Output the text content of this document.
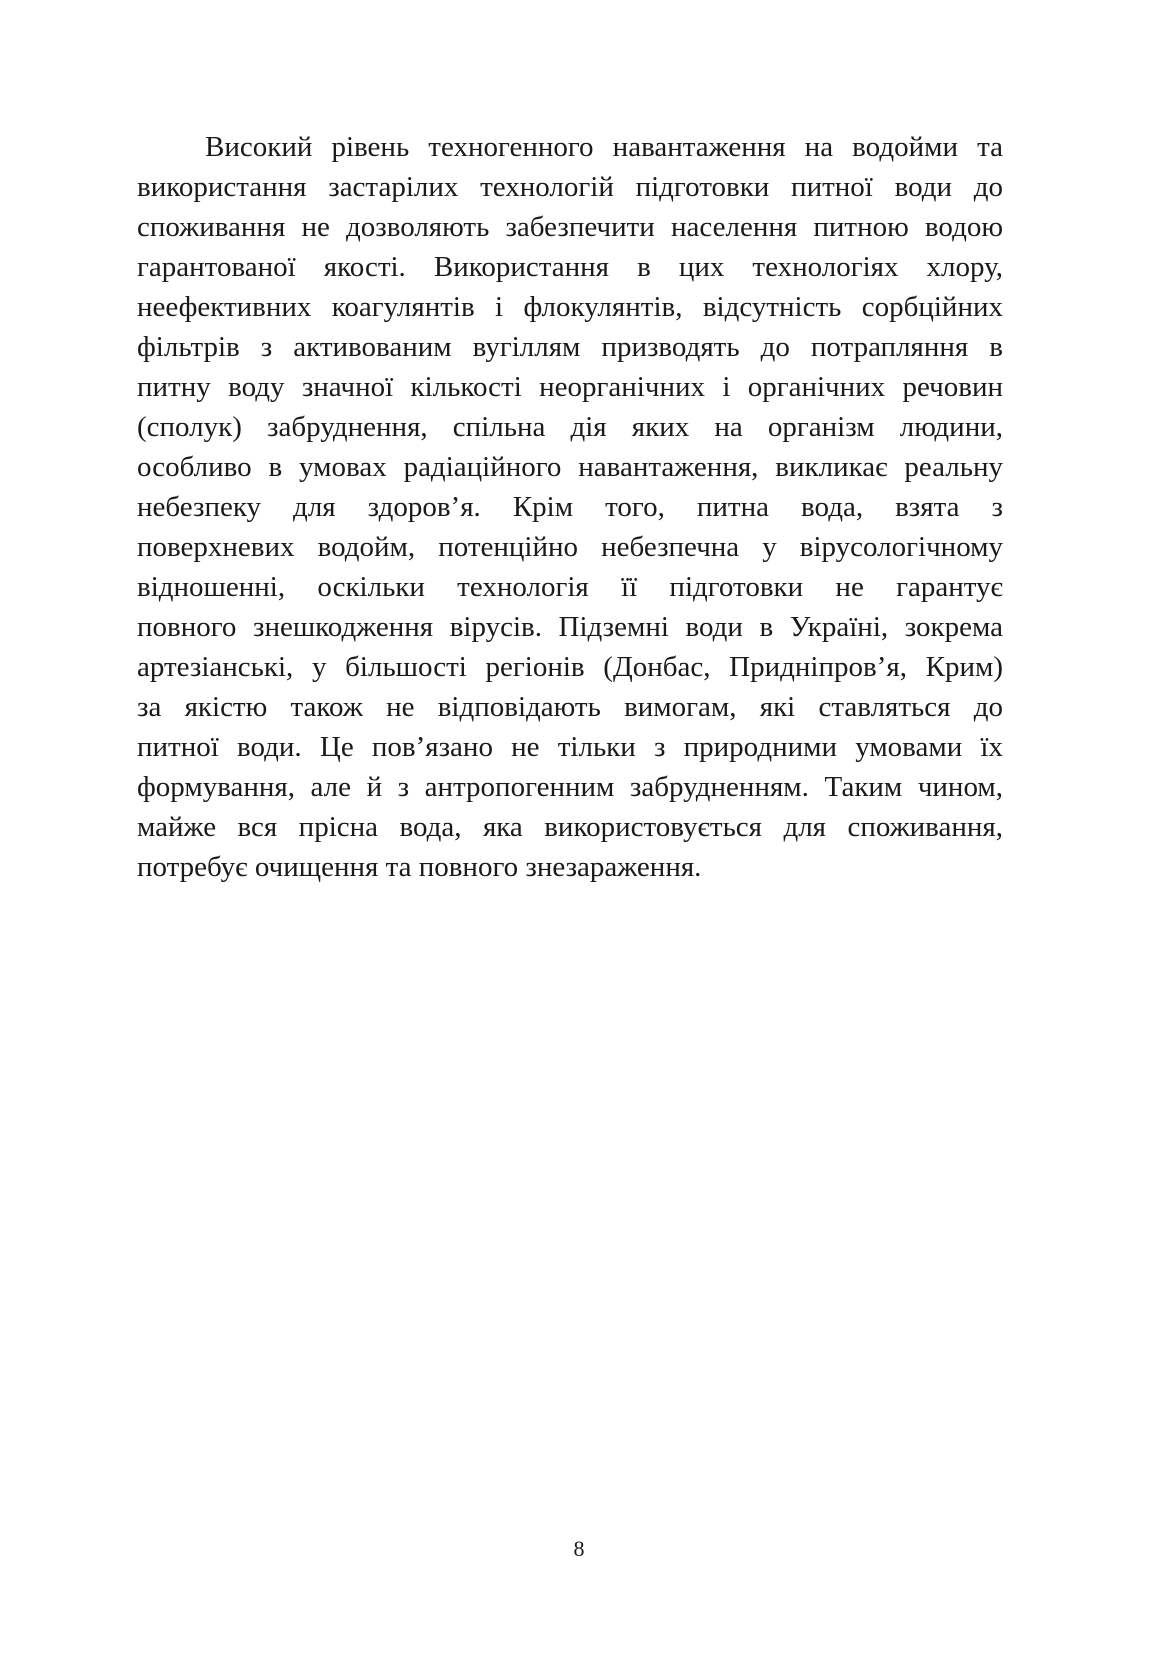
Високий рівень техногенного навантаження на водойми та
використання застарілих технологій підготовки питної води до
споживання не дозволяють забезпечити населення питною водою
гарантованої якості. Використання в цих технологіях хлору,
неефективних коагулянтів і флокулянтів, відсутність сорбційних
фільтрів з активованим вугіллям призводять до потрапляння в
питну воду значної кількості неорганічних і органічних речовин
(сполук) забруднення, спільна дія яких на організм людини,
особливо в умовах радіаційного навантаження, викликає реальну
небезпеку для здоров’я. Крім того, питна вода, взята з
поверхневих водойм, потенційно небезпечна у вірусологічному
відношенні, оскільки технологія її підготовки не гарантує
повного знешкодження вірусів. Підземні води в Україні, зокрема
артезіанські, у більшості регіонів (Донбас, Придніпров’я, Крим)
за якістю також не відповідають вимогам, які ставляться до
питної води. Це пов’язано не тільки з природними умовами їх
формування, але й з антропогенним забрудненням. Таким чином,
майже вся прісна вода, яка використовується для споживання,
потребує очищення та повного знезараження.
8
